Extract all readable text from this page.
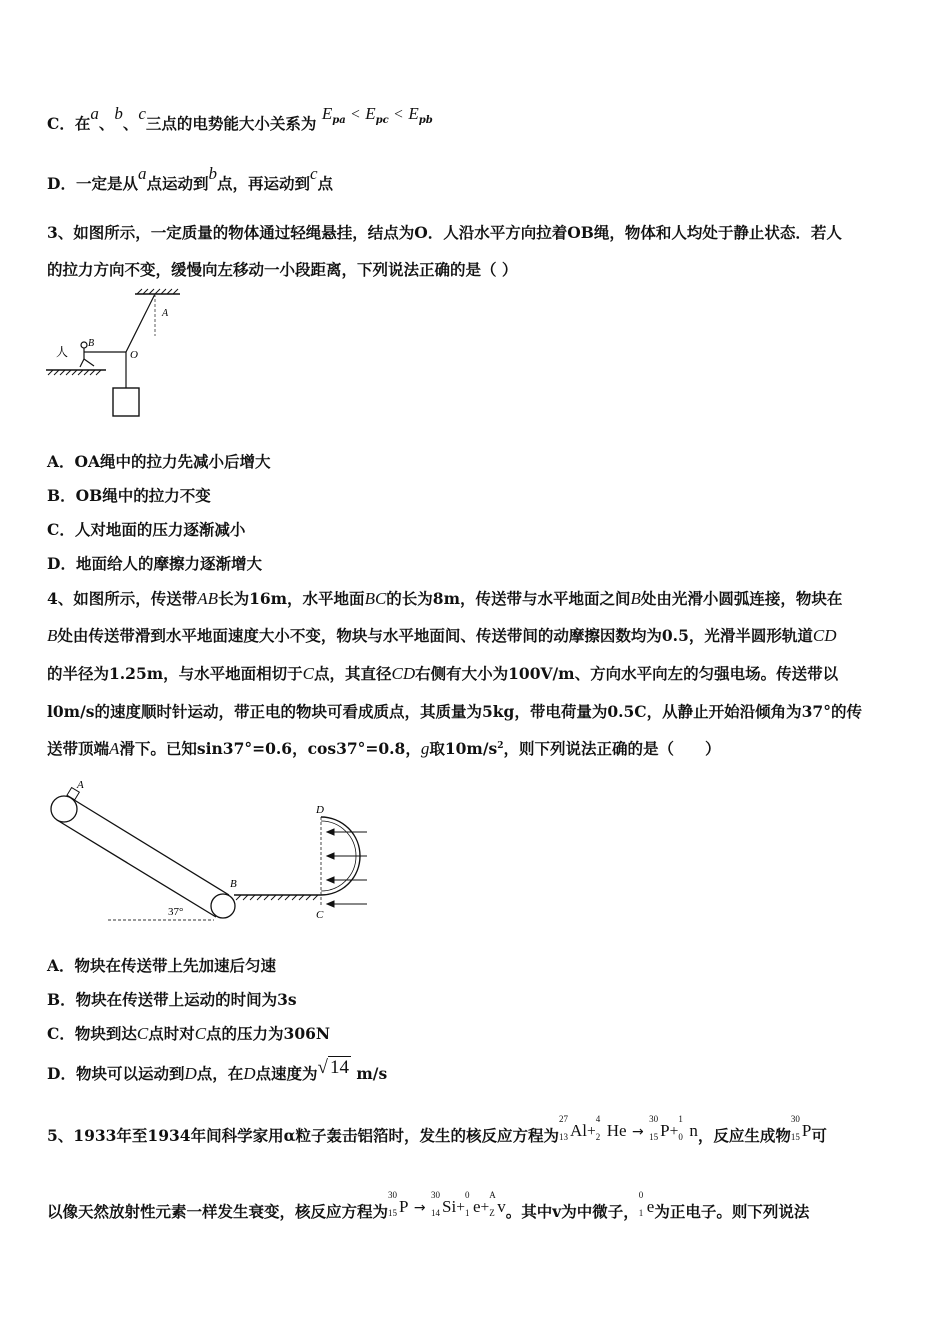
C．在a、b、c三点的电势能大小关系为 $E_{pa} < E_{pc} < E_{pb}$
D．一定是从a点运动到b点，再运动到c点
3、如图所示，一定质量的物体通过轻绳悬挂，结点为O．人沿水平方向拉着OB绳，物体和人均处于静止状态．若人
的拉力方向不变，缓慢向左移动一小段距离，下列说法正确的是（ ）
A
O
B
人
A．OA绳中的拉力先减小后增大
B．OB绳中的拉力不变
C．人对地面的压力逐渐减小
D．地面给人的摩擦力逐渐增大
4、如图所示，传送带AB长为16m，水平地面BC的长为8m，传送带与水平地面之间B处由光滑小圆弧连接，物块在
B处由传送带滑到水平地面速度大小不变，物块与水平地面间、传送带间的动摩擦因数均为0.5，光滑半圆形轨道CD
的半径为1.25m，与水平地面相切于C点，其直径CD右侧有大小为100V/m、方向水平向左的匀强电场。传送带以
l0m/s的速度顺时针运动，带正电的物块可看成质点，其质量为5kg，带电荷量为0.5C，从静止开始沿倾角为37°的传
送带顶端A滑下。已知sin37°=0.6，cos37°=0.8，g取$10m/s^2$，则下列说法正确的是（　　）
A
37°
B
D
C
A．物块在传送带上先加速后匀速
B．物块在传送带上运动的时间为3s
C．物块到达C点时对C点的压力为306N
D．物块可以运动到D点，在D点速度为√ 14 m/s
5、1933年至1934年间科学家用α粒子轰击铝箔时，发生的核反应方程为
27
13 Al+
4
2 He →
30
15 P+
1
0 n，反应生成物
30
15 P可
以像天然放射性元素一样发生衰变，核反应方程为
30
15 P →
30
14 Si+
0
1 e+
A
Z v。其中v为中微子，
0
1 e为正电子。则下列说法
